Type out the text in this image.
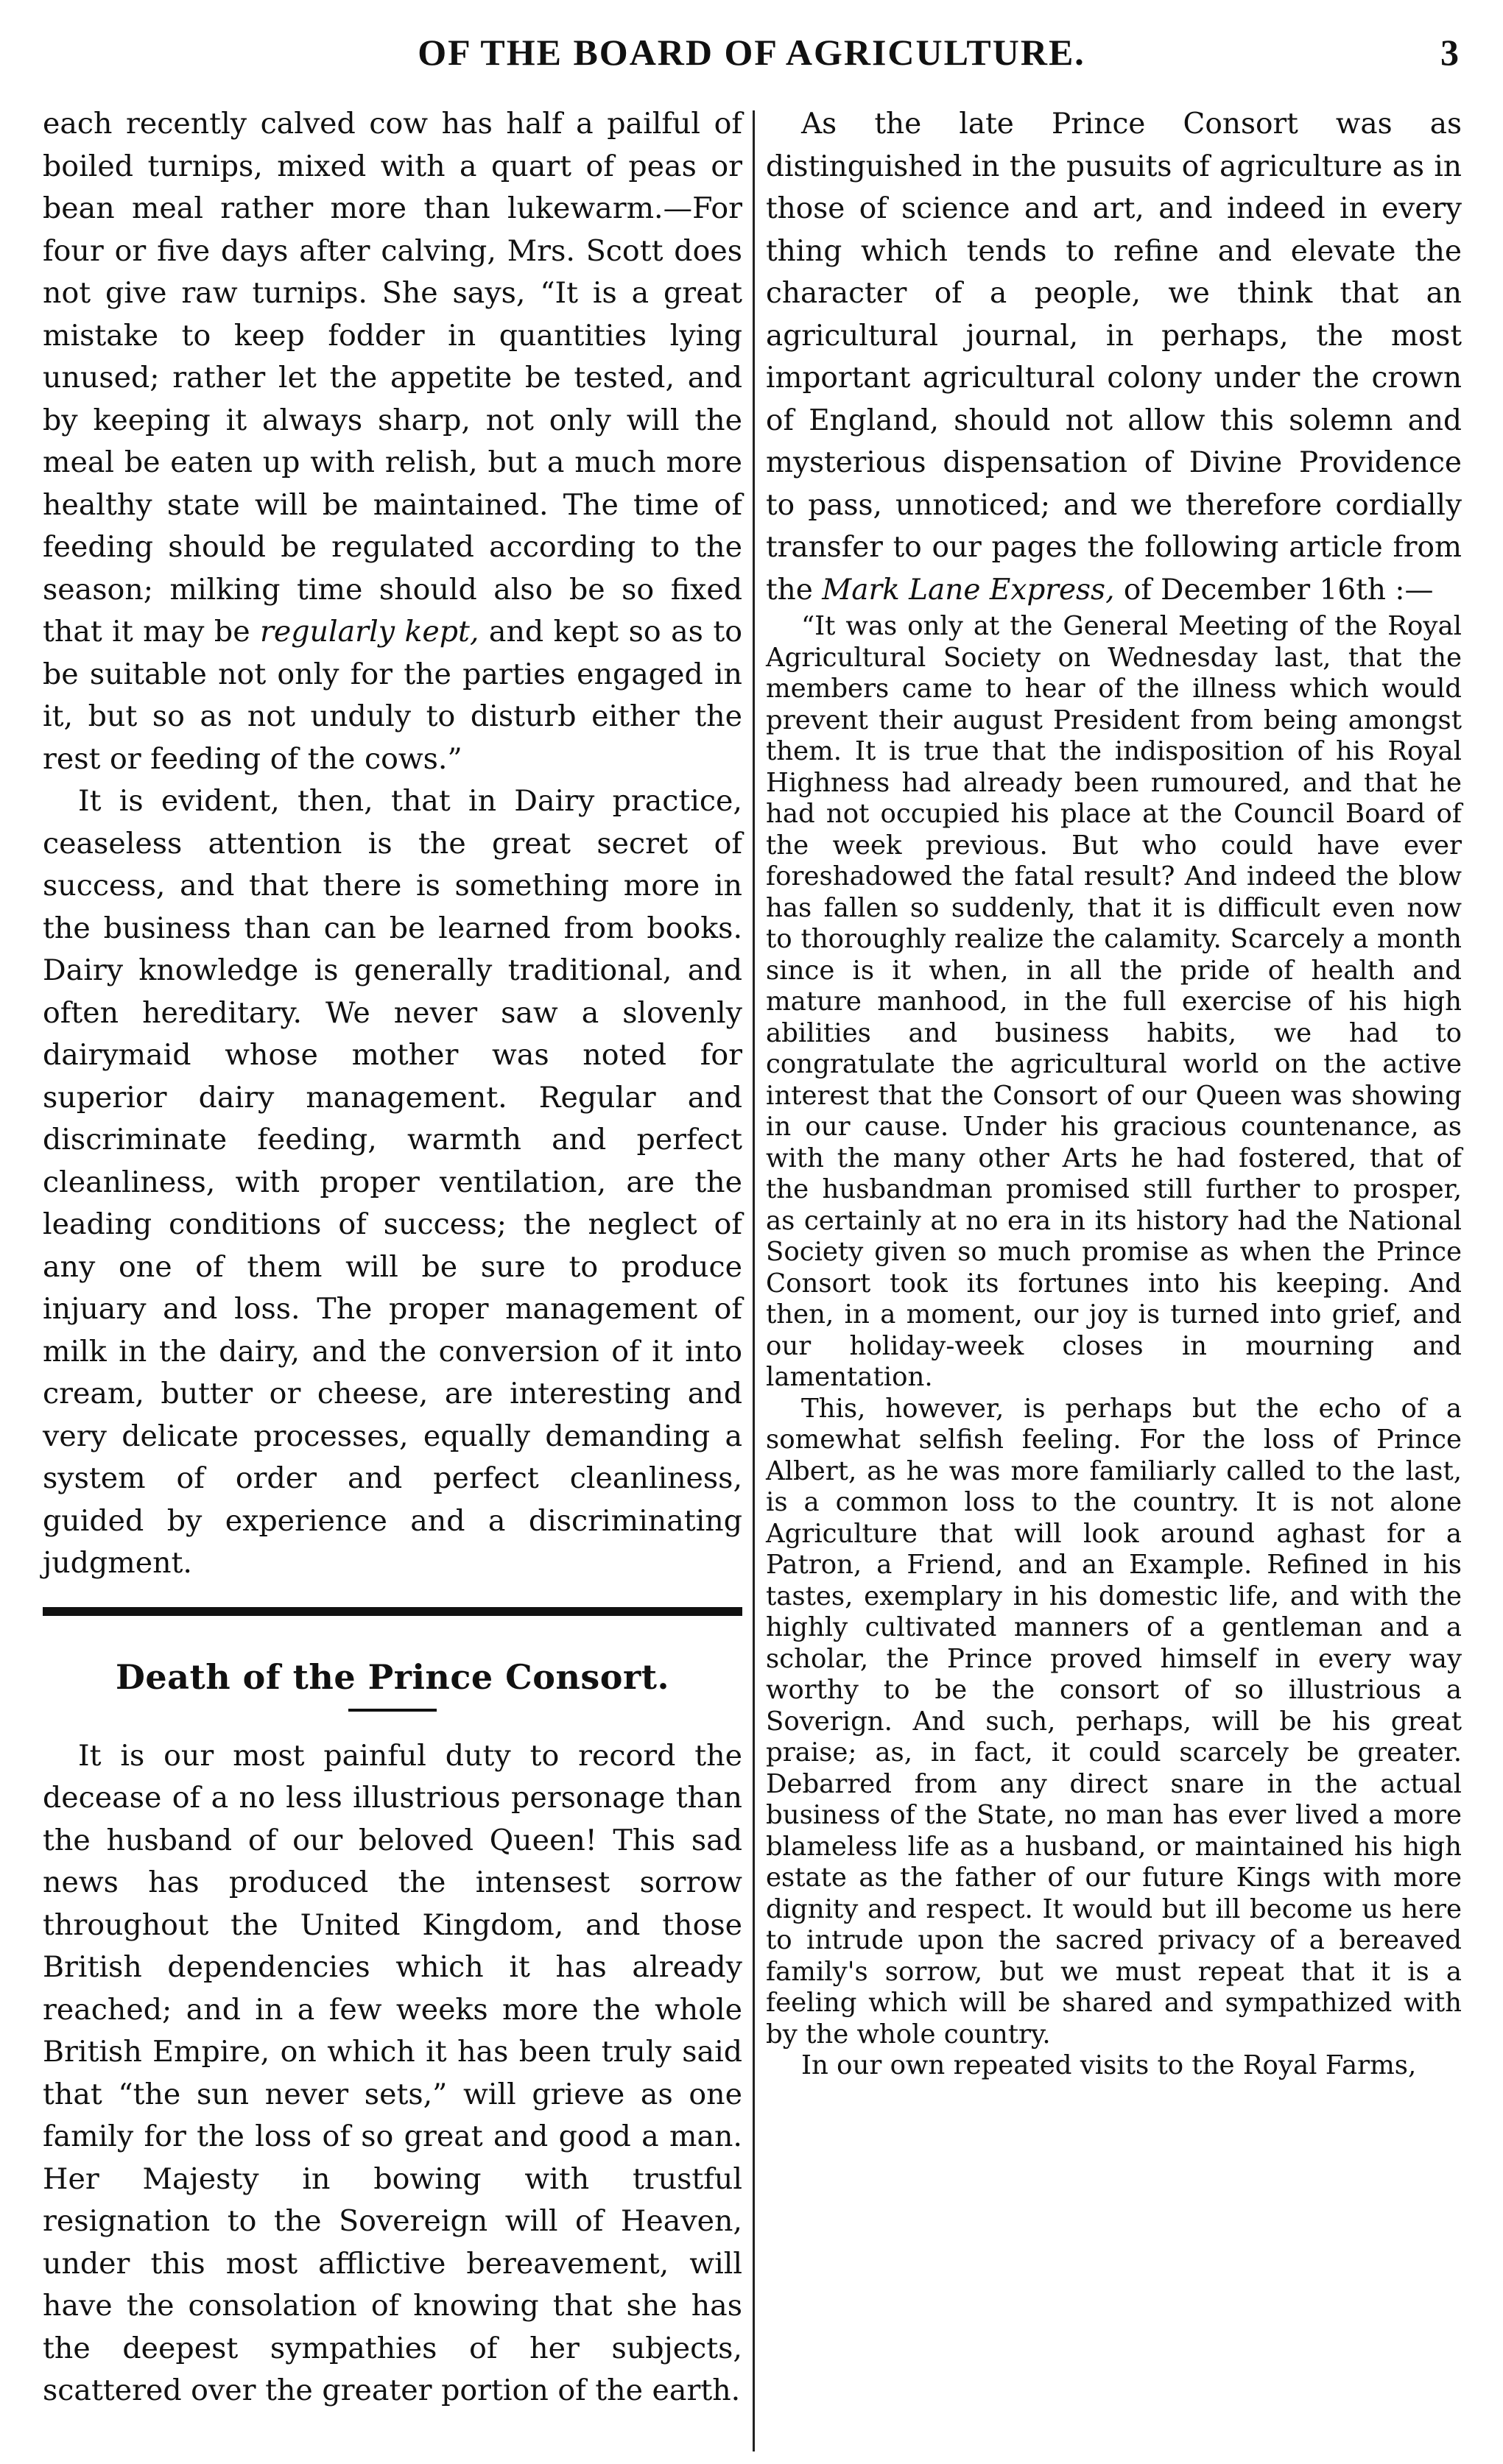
OF THE BOARD OF AGRICULTURE.	3

each recently calved cow has half a pailful of boiled turnips, mixed with a quart of peas or bean meal rather more than lukewarm.—For four or five days after calving, Mrs. Scott does not give raw turnips. She says, “It is a great mistake to keep fodder in quantities lying unused; rather let the appetite be tested, and by keeping it always sharp, not only will the meal be eaten up with relish, but a much more healthy state will be maintained. The time of feeding should be regulated according to the season; milking time should also be so fixed that it may be regularly kept, and kept so as to be suitable not only for the parties engaged in it, but so as not unduly to disturb either the rest or feeding of the cows.”

It is evident, then, that in Dairy practice, ceaseless attention is the great secret of success, and that there is something more in the business than can be learned from books. Dairy knowledge is generally traditional, and often hereditary. We never saw a slovenly dairymaid whose mother was noted for superior dairy management. Regular and discriminate feeding, warmth and perfect cleanliness, with proper ventilation, are the leading conditions of success; the neglect of any one of them will be sure to produce injuary and loss. The proper management of milk in the dairy, and the conversion of it into cream, butter or cheese, are interesting and very delicate processes, equally demanding a system of order and perfect cleanliness, guided by experience and a discriminating judgment.

Death of the Prince Consort.

It is our most painful duty to record the decease of a no less illustrious personage than the husband of our beloved Queen! This sad news has produced the intensest sorrow throughout the United Kingdom, and those British dependencies which it has already reached; and in a few weeks more the whole British Empire, on which it has been truly said that “the sun never sets,” will grieve as one family for the loss of so great and good a man. Her Majesty in bowing with trustful resignation to the Sovereign will of Heaven, under this most afflictive bereavement, will have the consolation of knowing that she has the deepest sympathies of her subjects, scattered over the greater portion of the earth.

As the late Prince Consort was as distinguished in the pusuits of agriculture as in those of science and art, and indeed in every thing which tends to refine and elevate the character of a people, we think that an agricultural journal, in perhaps, the most important agricultural colony under the crown of England, should not allow this solemn and mysterious dispensation of Divine Providence to pass, unnoticed; and we therefore cordially transfer to our pages the following article from the Mark Lane Express, of December 16th :—

“It was only at the General Meeting of the Royal Agricultural Society on Wednesday last, that the members came to hear of the illness which would prevent their august President from being amongst them. It is true that the indisposition of his Royal Highness had already been rumoured, and that he had not occupied his place at the Council Board of the week previous. But who could have ever foreshadowed the fatal result? And indeed the blow has fallen so suddenly, that it is difficult even now to thoroughly realize the calamity. Scarcely a month since is it when, in all the pride of health and mature manhood, in the full exercise of his high abilities and business habits, we had to congratulate the agricultural world on the active interest that the Consort of our Queen was showing in our cause. Under his gracious countenance, as with the many other Arts he had fostered, that of the husbandman promised still further to prosper, as certainly at no era in its history had the National Society given so much promise as when the Prince Consort took its fortunes into his keeping. And then, in a moment, our joy is turned into grief, and our holiday-week closes in mourning and lamentation.

This, however, is perhaps but the echo of a somewhat selfish feeling. For the loss of Prince Albert, as he was more familiarly called to the last, is a common loss to the country. It is not alone Agriculture that will look around aghast for a Patron, a Friend, and an Example. Refined in his tastes, exemplary in his domestic life, and with the highly cultivated manners of a gentleman and a scholar, the Prince proved himself in every way worthy to be the consort of so illustrious a Soverign. And such, perhaps, will be his great praise; as, in fact, it could scarcely be greater. Debarred from any direct snare in the actual business of the State, no man has ever lived a more blameless life as a husband, or maintained his high estate as the father of our future Kings with more dignity and respect. It would but ill become us here to intrude upon the sacred privacy of a bereaved family's sorrow, but we must repeat that it is a feeling which will be shared and sympathized with by the whole country.

In our own repeated visits to the Royal Farms,
